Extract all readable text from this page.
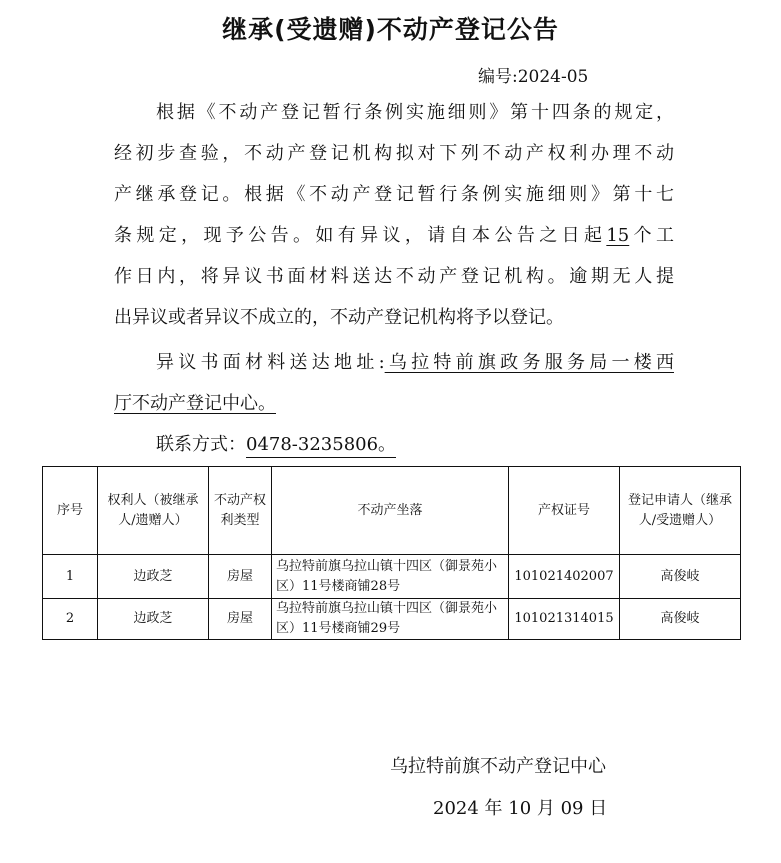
继承(受遗赠)不动产登记公告
编号:2024-05
根据《不动产登记暂行条例实施细则》第十四条的规定，
经初步查验，不动产登记机构拟对下列不动产权利办理不动
产继承登记。根据《不动产登记暂行条例实施细则》第十七
条规定，现予公告。如有异议，请自本公告之日起15个工
作日内，将异议书面材料送达不动产登记机构。逾期无人提
出异议或者异议不成立的，不动产登记机构将予以登记。
异议书面材料送达地址:乌拉特前旗政务服务局一楼西
厅不动产登记中心。
联系方式：0478-3235806。
序号	权利人（被继承人/遗赠人）	不动产权利类型	不动产坐落	产权证号	登记申请人（继承人/受遗赠人）
1	边政芝	房屋	乌拉特前旗乌拉山镇十四区（御景苑小区）11号楼商铺28号	101021402007	高俊岐
2	边政芝	房屋	乌拉特前旗乌拉山镇十四区（御景苑小区）11号楼商铺29号	101021314015	高俊岐
乌拉特前旗不动产登记中心
2024 年 10 月 09 日
